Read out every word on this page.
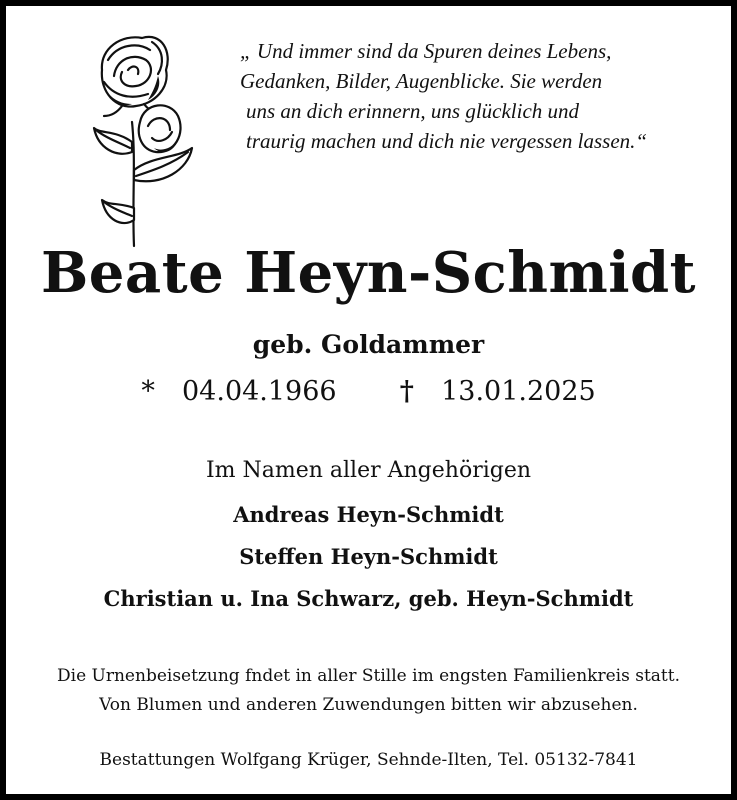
„ Und immer sind da Spuren deines Lebens,
Gedanken, Bilder, Augenblicke. Sie werden
uns an dich erinnern, uns glücklich und
traurig machen und dich nie vergessen lassen.“
Beate Heyn-Schmidt
geb. Goldammer
* 04.04.1966 † 13.01.2025
Im Namen aller Angehörigen
Andreas Heyn-Schmidt
Steffen Heyn-Schmidt
Christian u. Ina Schwarz, geb. Heyn-Schmidt
Die Urnenbeisetzung fndet in aller Stille im engsten Familienkreis statt.
Von Blumen und anderen Zuwendungen bitten wir abzusehen.
Bestattungen Wolfgang Krüger, Sehnde-Ilten, Tel. 05132-7841
